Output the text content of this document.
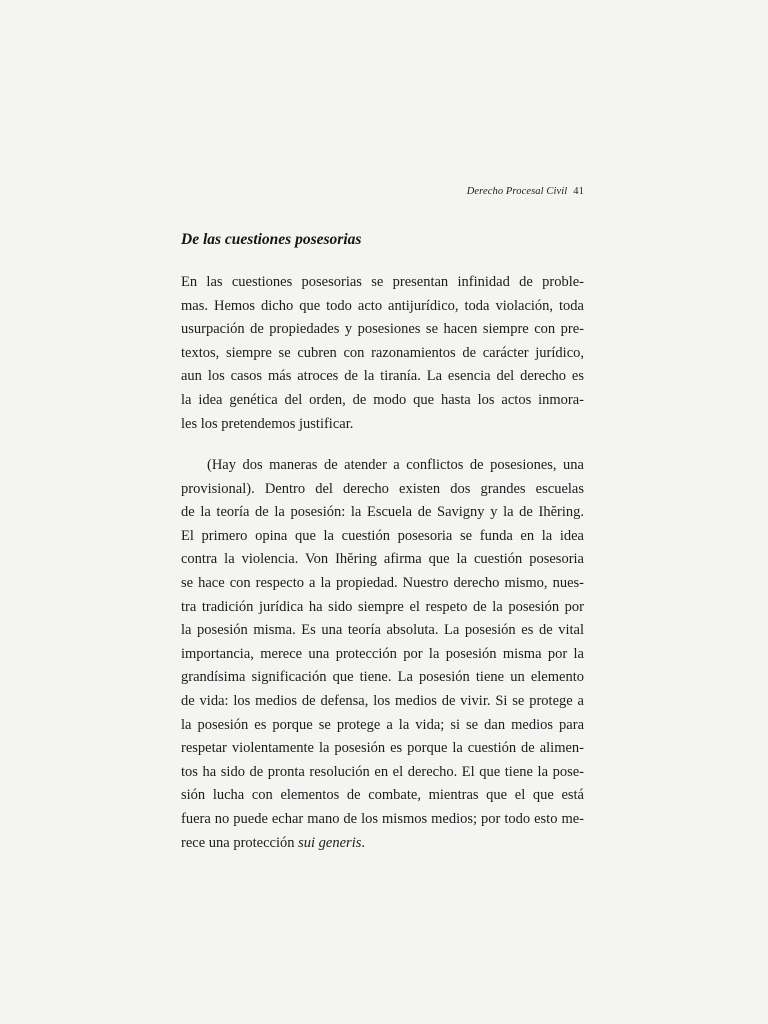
Derecho Procesal Civil 41
De las cuestiones posesorias

En las cuestiones posesorias se presentan infinidad de proble-
mas. Hemos dicho que todo acto antijurídico, toda violación, toda
usurpación de propiedades y posesiones se hacen siempre con pre-
textos, siempre se cubren con razonamientos de carácter jurídico,
aun los casos más atroces de la tiranía. La esencia del derecho es
la idea genética del orden, de modo que hasta los actos inmora-
les los pretendemos justificar.

(Hay dos maneras de atender a conflictos de posesiones, una
provisional). Dentro del derecho existen dos grandes escuelas
de la teoría de la posesión: la Escuela de Savigny y la de Ihĕring.
El primero opina que la cuestión posesoria se funda en la idea
contra la violencia. Von Ihĕring afirma que la cuestión posesoria
se hace con respecto a la propiedad. Nuestro derecho mismo, nues-
tra tradición jurídica ha sido siempre el respeto de la posesión por
la posesión misma. Es una teoría absoluta. La posesión es de vital
importancia, merece una protección por la posesión misma por la
grandísima significación que tiene. La posesión tiene un elemento
de vida: los medios de defensa, los medios de vivir. Si se protege a
la posesión es porque se protege a la vida; si se dan medios para
respetar violentamente la posesión es porque la cuestión de alimen-
tos ha sido de pronta resolución en el derecho. El que tiene la pose-
sión lucha con elementos de combate, mientras que el que está
fuera no puede echar mano de los mismos medios; por todo esto me-
rece una protección sui generis.
